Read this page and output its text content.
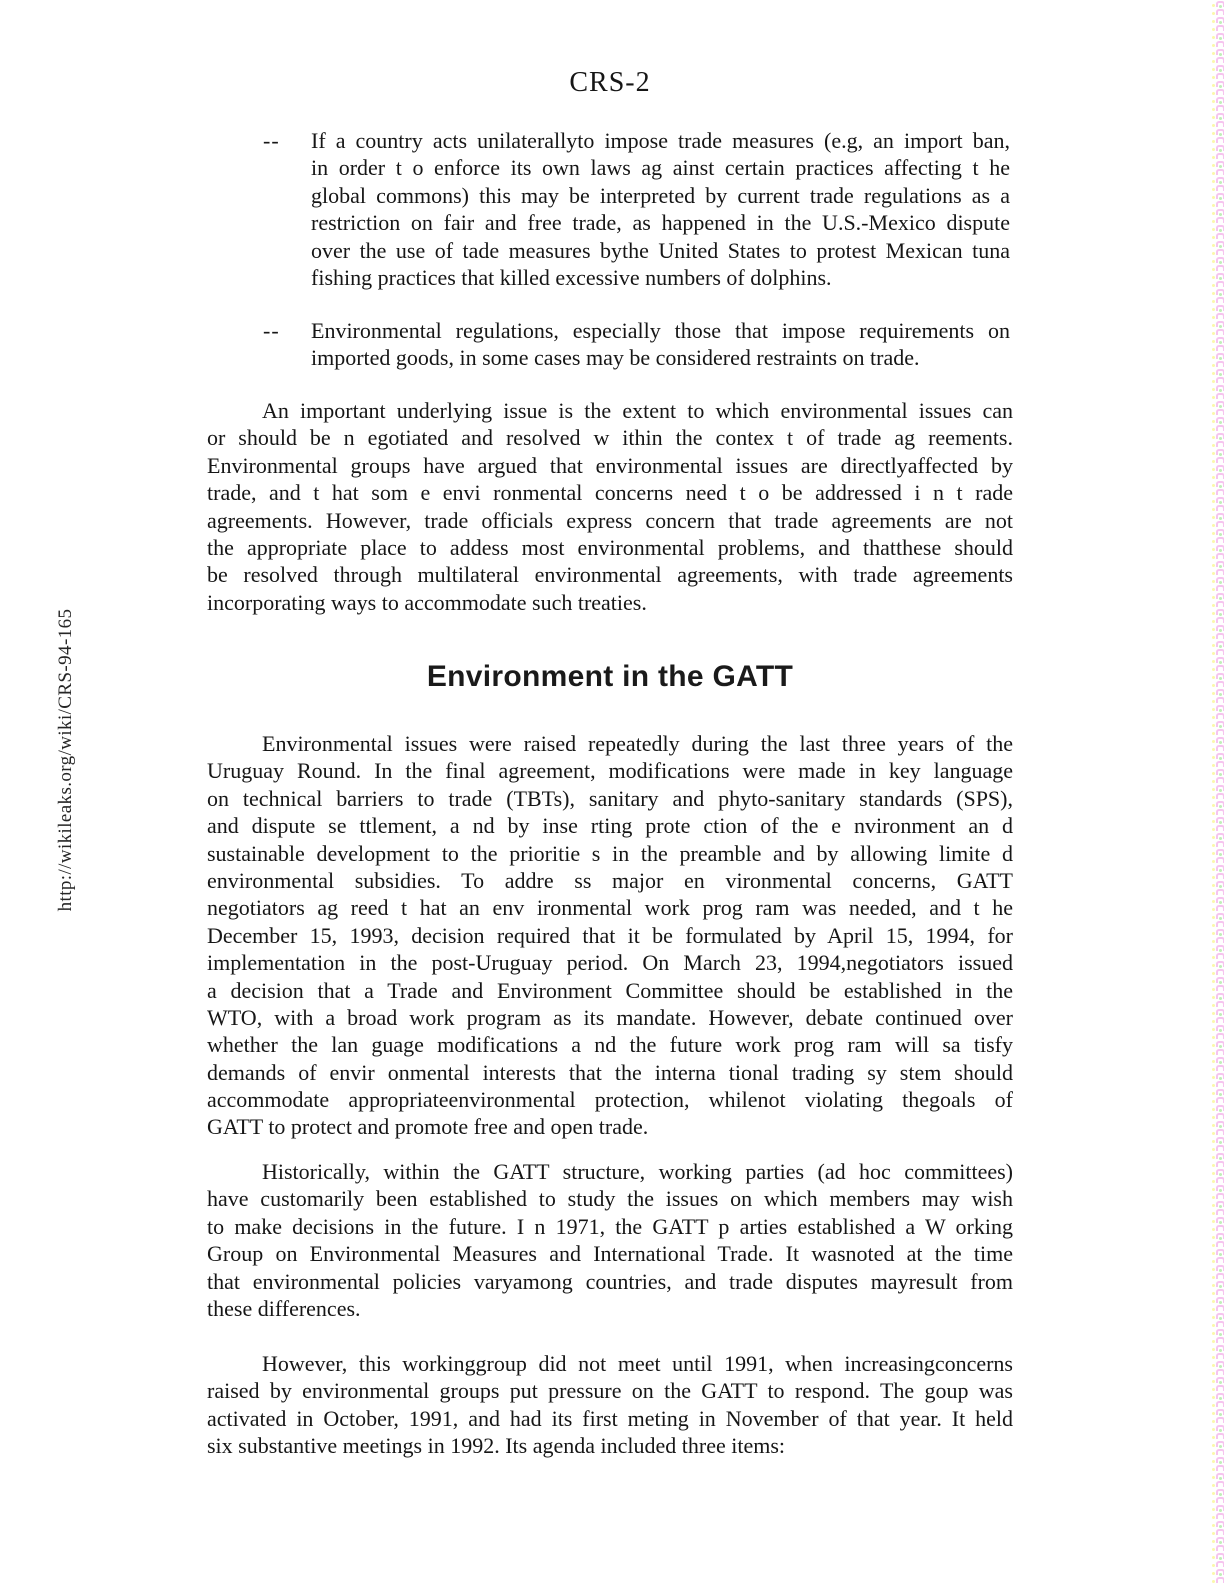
http://wikileaks.org/wiki/CRS-94-165
CRS-2
Environment in the GATT
-- If a country acts unilaterallyto impose trade measures (e.g, an import ban,
in order t o enforce its own laws ag ainst certain practices affecting t he
global commons) this may be interpreted by current trade regulations as a
restriction on fair and free trade, as happened in the U.S.-Mexico dispute
over the use of tade measures bythe United States to protest Mexican tuna
fishing practices that killed excessive numbers of dolphins.
-- Environmental regulations, especially those that impose requirements on
imported goods, in some cases may be considered restraints on trade.
An important underlying issue is the extent to which environmental issues can
or should be n egotiated and resolved w ithin the contex t of trade ag reements.
Environmental groups have argued that environmental issues are directlyaffected by
trade, and t hat som e envi ronmental concerns need t o be addressed i n t rade
agreements. However, trade officials express concern that trade agreements are not
the appropriate place to addess most environmental problems, and thatthese should
be resolved through multilateral environmental agreements, with trade agreements
incorporating ways to accommodate such treaties.
Environmental issues were raised repeatedly during the last three years of the
Uruguay Round. In the final agreement, modifications were made in key language
on technical barriers to trade (TBTs), sanitary and phyto-sanitary standards (SPS),
and dispute se ttlement, a nd by inse rting prote ction of the e nvironment an d
sustainable development to the prioritie s in the preamble and by allowing limite d
environmental subsidies. To addre ss major en vironmental concerns, GATT
negotiators ag reed t hat an env ironmental work prog ram was needed, and t he
December 15, 1993, decision required that it be formulated by April 15, 1994, for
implementation in the post-Uruguay period. On March 23, 1994,negotiators issued
a decision that a Trade and Environment Committee should be established in the
WTO, with a broad work program as its mandate. However, debate continued over
whether the lan guage modifications a nd the future work prog ram will sa tisfy
demands of envir onmental interests that the interna tional trading sy stem should
accommodate appropriateenvironmental protection, whilenot violating thegoals of
GATT to protect and promote free and open trade.
Historically, within the GATT structure, working parties (ad hoc committees)
have customarily been established to study the issues on which members may wish
to make decisions in the future. I n 1971, the GATT p arties established a W orking
Group on Environmental Measures and International Trade. It wasnoted at the time
that environmental policies varyamong countries, and trade disputes mayresult from
these differences.
However, this workinggroup did not meet until 1991, when increasingconcerns
raised by environmental groups put pressure on the GATT to respond. The goup was
activated in October, 1991, and had its first meting in November of that year. It held
six substantive meetings in 1992. Its agenda included three items:
